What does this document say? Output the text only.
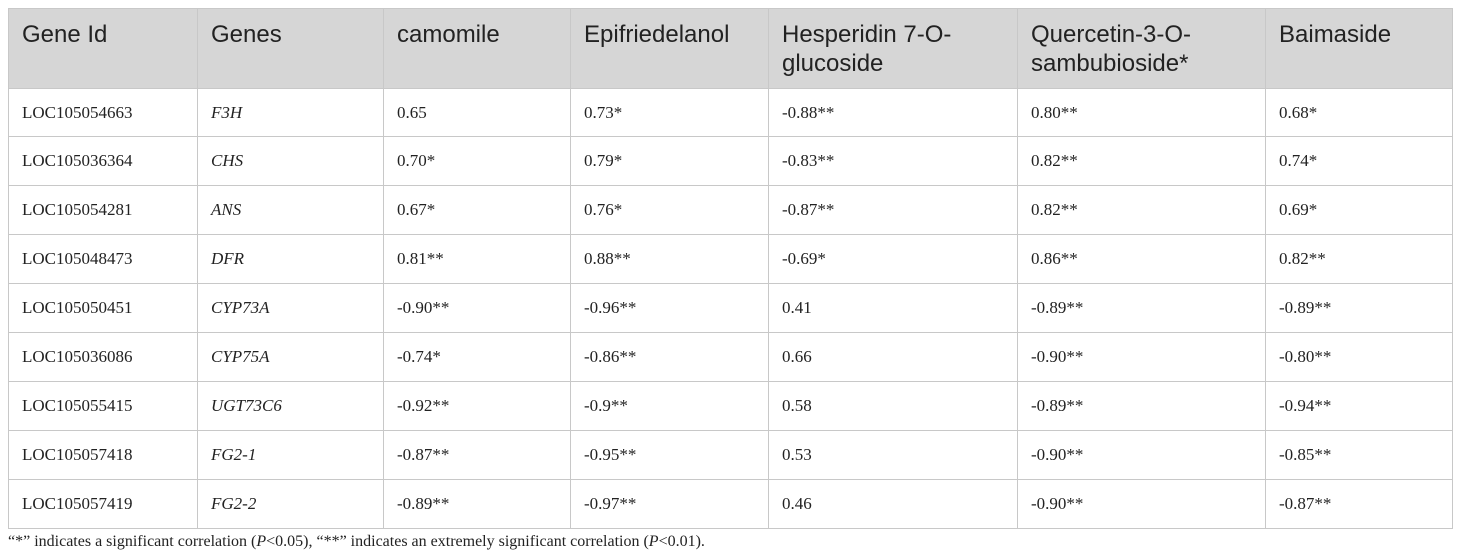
Gene Id	Genes	camomile	Epifriedelanol	Hesperidin 7-O-glucoside	Quercetin-3-O-sambubioside*	Baimaside
LOC105054663	F3H	0.65	0.73*	-0.88**	0.80**	0.68*
LOC105036364	CHS	0.70*	0.79*	-0.83**	0.82**	0.74*
LOC105054281	ANS	0.67*	0.76*	-0.87**	0.82**	0.69*
LOC105048473	DFR	0.81**	0.88**	-0.69*	0.86**	0.82**
LOC105050451	CYP73A	-0.90**	-0.96**	0.41	-0.89**	-0.89**
LOC105036086	CYP75A	-0.74*	-0.86**	0.66	-0.90**	-0.80**
LOC105055415	UGT73C6	-0.92**	-0.9**	0.58	-0.89**	-0.94**
LOC105057418	FG2-1	-0.87**	-0.95**	0.53	-0.90**	-0.85**
LOC105057419	FG2-2	-0.89**	-0.97**	0.46	-0.90**	-0.87**
“*” indicates a significant correlation (P<0.05), “**” indicates an extremely significant correlation (P<0.01).
